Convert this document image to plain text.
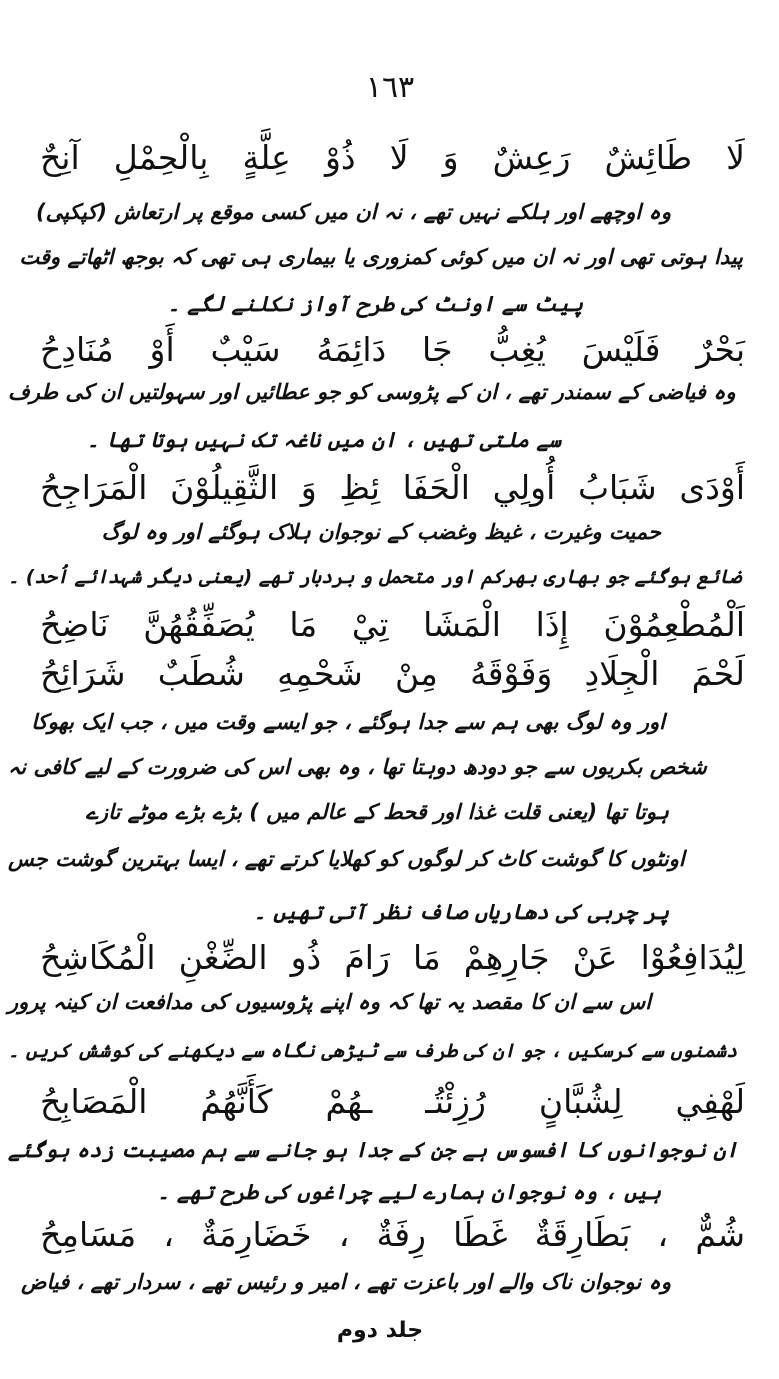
١٦٣
لَا طَائِشٌ رَعِشٌ وَ لَا ذُوْ عِلَّةٍ بِالْحِمْلِ آنِحٌ
وہ اوچھے اور ہلکے نہیں تھے ، نہ ان میں کسی موقع پر ارتعاش (کپکپی)
پیدا ہوتی تھی اور نہ ان میں کوئی کمزوری یا بیماری ہی تھی کہ بوجھ اٹھاتے وقت
پیٹ سے اونٹ کی طرح آواز نکلنے لگے ۔
بَحْرٌ فَلَيْسَ يُغِبُّ جَا دَائِمَهُ سَيْبٌ أَوْ مُنَادِحُ
وہ فیاضی کے سمندر تھے ، ان کے پڑوسی کو جو عطائیں اور سہولتیں ان کی طرف
سے ملتی تھیں ، ان میں ناغہ تک نہیں ہوتا تھا ۔
أَوْدَى شَبَابُ أُولِي الْحَفَا ئِظِ وَ الثَّقِيلُوْنَ الْمَرَاجِحُ
حمیت وغیرت ، غیظ وغضب کے نوجوان ہلاک ہوگئے اور وہ لوگ
ضائع ہوگئے جو بھاری بھرکم اور متحمل و بردبار تھے (یعنی دیگر شہدائے اُحد) ۔
اَلْمُطْعِمُوْنَ إِذَا الْمَشَا تِيْ مَا يُصَفِّقُهُنَّ نَاضِحُ
لَحْمَ الْجِلَادِ وَفَوْقَهُ مِنْ شَحْمِهِ شُطَبٌ شَرَائِحُ
اور وہ لوگ بھی ہم سے جدا ہوگئے ، جو ایسے وقت میں ، جب ایک بھوکا
شخص بکریوں سے جو دودھ دوہتا تھا ، وہ بھی اس کی ضرورت کے لیے کافی نہ
ہوتا تھا (یعنی قلت غذا اور قحط کے عالم میں ) بڑے بڑے موٹے تازے
اونٹوں کا گوشت کاٹ کر لوگوں کو کھلایا کرتے تھے ، ایسا بہترین گوشت جس
پر چربی کی دھاریاں صاف نظر آتی تھیں ۔
لِيُدَافِعُوْا عَنْ جَارِهِمْ مَا رَامَ ذُو الضِّغْنِ الْمُكَاشِحُ
اس سے ان کا مقصد یہ تھا کہ وہ اپنے پڑوسیوں کی مدافعت ان کینہ پرور
دشمنوں سے کرسکیں ، جو ان کی طرف سے ٹیڑھی نگاہ سے دیکھنے کی کوشش کریں ۔
لَهْفِي لِشُبَّانٍ رُزِئْتُـ ـهُمْ كَأَنَّهُمُ الْمَصَابِحُ
ان نوجوانوں کا افسوس ہے جن کے جدا ہو جانے سے ہم مصیبت زدہ ہوگئے
ہیں ، وہ نوجوان ہمارے لیے چراغوں کی طرح تھے ۔
شُمٌّ ، بَطَارِقَةٌ غَطَا رِفَةٌ ، خَضَارِمَةٌ ، مَسَامِحُ
وہ نوجوان ناک والے اور باعزت تھے ، امیر و رئیس تھے ، سردار تھے ، فیاض
جلد دوم
